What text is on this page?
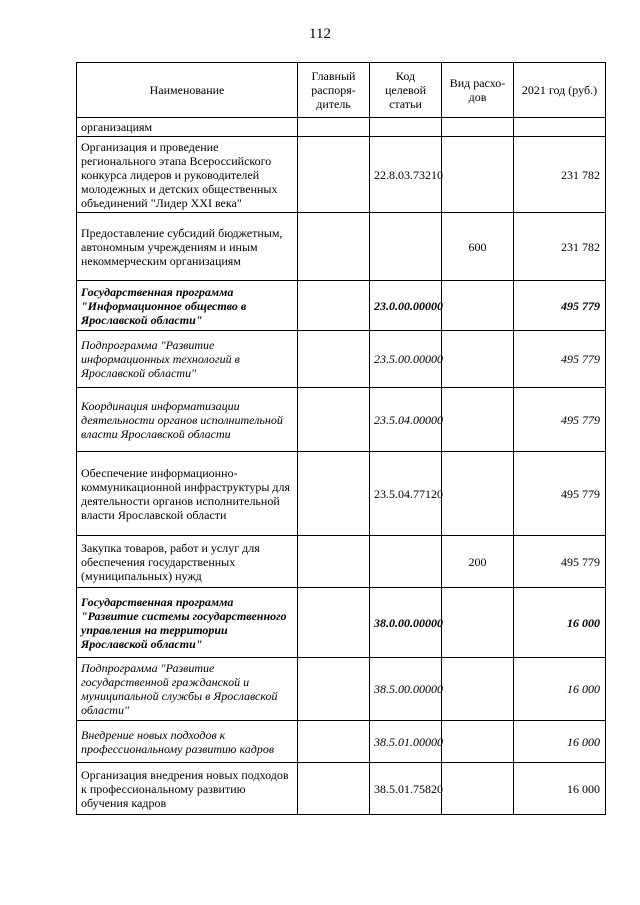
112
Наименование	Главный распоря-дитель	Код целевой статьи	Вид расхо-дов	2021 год (руб.)
организациям				
Организация и проведение регионального этапа Всероссийского конкурса лидеров и руководителей молодежных и детских общественных объединений "Лидер XXI века"		22.8.03.73210		231 782
Предоставление субсидий бюджетным, автономным учреждениям и иным некоммерческим организациям			600	231 782
Государственная программа "Информационное общество в Ярославской области"		23.0.00.00000		495 779
Подпрограмма "Развитие информационных технологий в Ярославской области"		23.5.00.00000		495 779
Координация информатизации деятельности органов исполнительной власти Ярославской области		23.5.04.00000		495 779
Обеспечение информационно-коммуникационной инфраструктуры для деятельности органов исполнительной власти Ярославской области		23.5.04.77120		495 779
Закупка товаров, работ и услуг для обеспечения государственных (муниципальных) нужд			200	495 779
Государственная программа "Развитие системы государственного управления на территории Ярославской области"		38.0.00.00000		16 000
Подпрограмма "Развитие государственной гражданской и муниципальной службы в Ярославской области"		38.5.00.00000		16 000
Внедрение новых подходов к профессиональному развитию кадров		38.5.01.00000		16 000
Организация внедрения новых подходов к профессиональному развитию обучения кадров		38.5.01.75820		16 000
